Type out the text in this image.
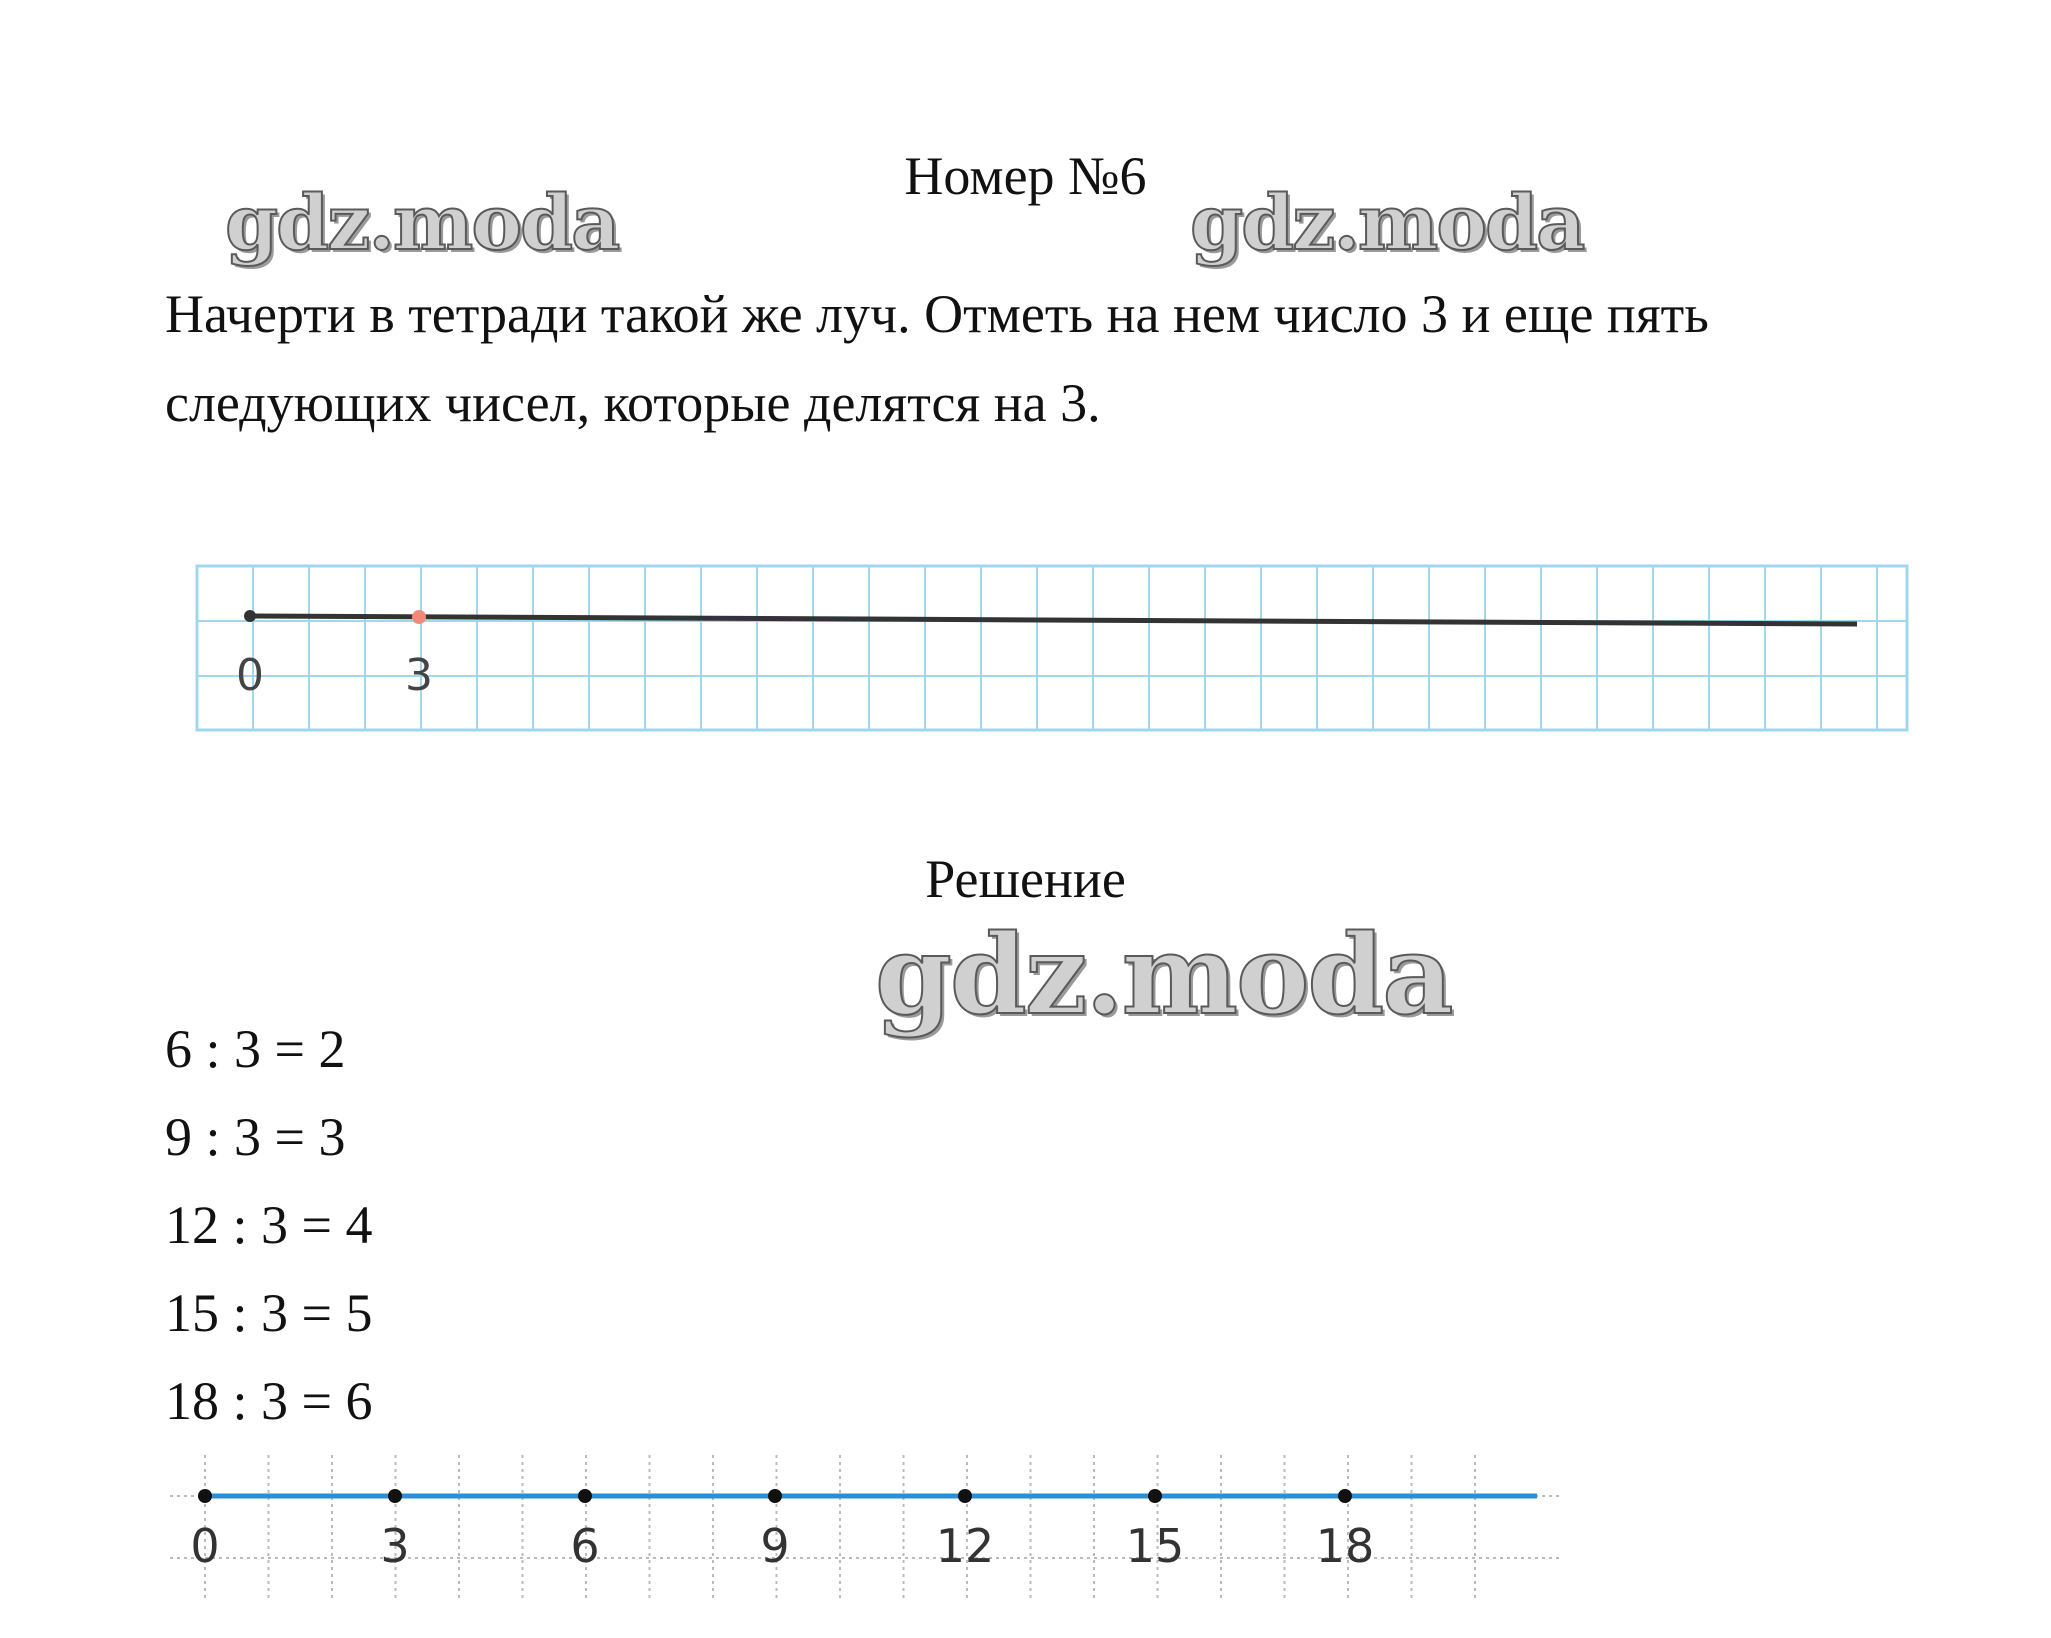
Номер №6
gdz.moda	gdz.moda
Начерти в тетради такой же луч. Отметь на нем число 3 и еще пять следующих чисел, которые делятся на 3.
0	3
Решение
gdz.moda
6 : 3 = 2
9 : 3 = 3
12 : 3 = 4
15 : 3 = 5
18 : 3 = 6
0	3	6	9	12	15	18
